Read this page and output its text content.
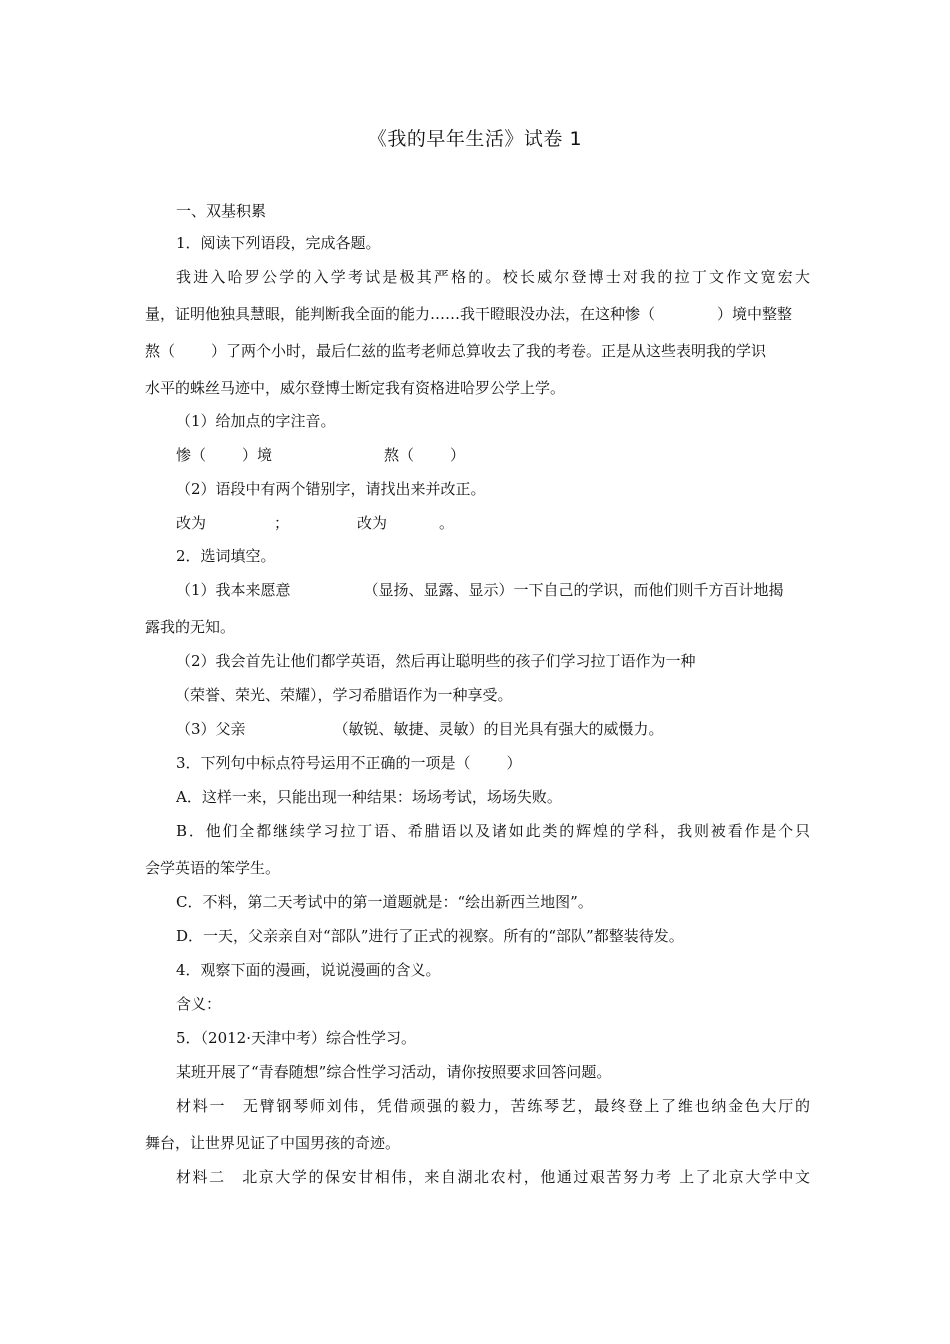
《我的早年生活》试卷 1
一、双基积累
1．阅读下列语段，完成各题。
我进入哈罗公学的入学考试是极其严格的。校长威尔登博士对我的拉丁文作文宽宏大
量，证明他独具慧眼，能判断我全面的能力……我干瞪眼没办法，在这种惨（	）境中整整
熬（ ）了两个小时，最后仁兹的监考老师总算收去了我的考卷。正是从这些表明我的学识
水平的蛛丝马迹中，威尔登博士断定我有资格进哈罗公学上学。
（1）给加点的字注音。
惨（ ）境	熬（ ）
（2）语段中有两个错别字，请找出来并改正。
改为	；	改为	。
2．选词填空。
（1）我本来愿意	（显扬、显露、显示）一下自己的学识，而他们则千方百计地揭
露我的无知。
（2）我会首先让他们都学英语，然后再让聪明些的孩子们学习拉丁语作为一种
（荣誉、荣光、荣耀），学习希腊语作为一种享受。
（3）父亲	（敏锐、敏捷、灵敏）的目光具有强大的威慑力。
3．下列句中标点符号运用不正确的一项是（ ）
A．这样一来，只能出现一种结果：场场考试，场场失败。
B．他们全都继续学习拉丁语、希腊语以及诸如此类的辉煌的学科，我则被看作是个只
会学英语的笨学生。
C．不料，第二天考试中的第一道题就是：“绘出新西兰地图”。
D．一天，父亲亲自对“部队”进行了正式的视察。所有的“部队”都整装待发。
4．观察下面的漫画，说说漫画的含义。
含义：
5．（2012·天津中考）综合性学习。
某班开展了“青春随想”综合性学习活动，请你按照要求回答问题。
材料一　无臂钢琴师刘伟，凭借顽强的毅力，苦练琴艺，最终登上了维也纳金色大厅的
舞台，让世界见证了中国男孩的奇迹。
材料二　北京大学的保安甘相伟，来自湖北农村，他通过艰苦努力考 上了北京大学中文
